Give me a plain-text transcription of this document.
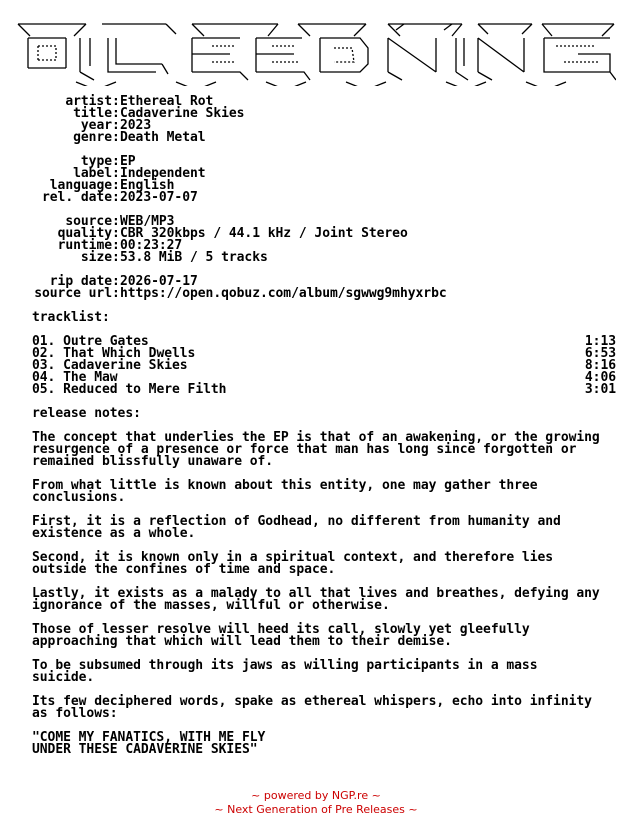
artist:Ethereal Rot
title:Cadaverine Skies
year:2023
genre:Death Metal
type:EP
label:Independent
language:English
rel. date:2023-07-07
source:WEB/MP3
quality:CBR 320kbps / 44.1 kHz / Joint Stereo
runtime:00:23:27
size:53.8 MiB / 5 tracks
rip date:2026-07-17
source url:https://open.qobuz.com/album/sgwwg9mhyxrbc
tracklist:
01. Outre Gates	1:13
02. That Which Dwells	6:53
03. Cadaverine Skies	8:16
04. The Maw	4:06
05. Reduced to Mere Filth	3:01
release notes:
The concept that underlies the EP is that of an awakening, or the growing
resurgence of a presence or force that man has long since forgotten or
remained blissfully unaware of.
From what little is known about this entity, one may gather three
conclusions.
First, it is a reflection of Godhead, no different from humanity and
existence as a whole.
Second, it is known only in a spiritual context, and therefore lies
outside the confines of time and space.
Lastly, it exists as a malady to all that lives and breathes, defying any
ignorance of the masses, willful or otherwise.
Those of lesser resolve will heed its call, slowly yet gleefully
approaching that which will lead them to their demise.
To be subsumed through its jaws as willing participants in a mass
suicide.
Its few deciphered words, spake as ethereal whispers, echo into infinity
as follows:
"COME MY FANATICS, WITH ME FLY
UNDER THESE CADAVERINE SKIES"
~ powered by NGP.re ~
~ Next Generation of Pre Releases ~
